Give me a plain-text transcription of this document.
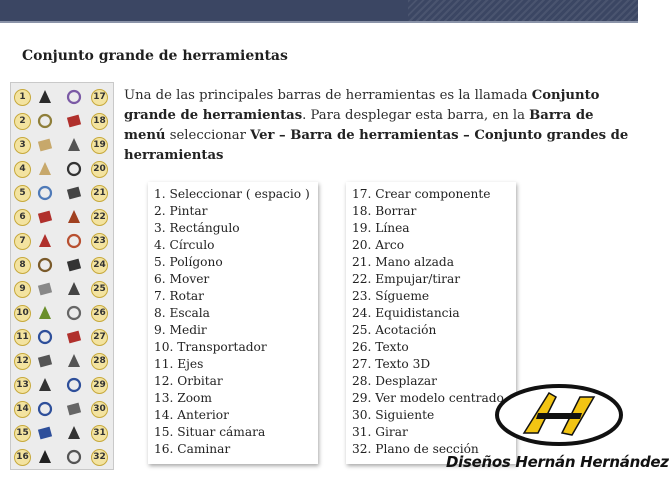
Conjunto grande de herramientas
Una de las principales barras de herramientas es la llamada Conjunto grande de herramientas. Para desplegar esta barra, en la Barra de menú seleccionar Ver – Barra de herramientas – Conjunto grandes de herramientas
1	17
2	18
3	19
4	20
5	21
6	22
7	23
8	24
9	25
10	26
11	27
12	28
13	29
14	30
15	31
16	32
1. Seleccionar ( espacio )
2. Pintar
3. Rectángulo
4. Círculo
5. Polígono
6. Mover
7. Rotar
8. Escala
9. Medir
10. Transportador
11. Ejes
12. Orbitar
13. Zoom
14. Anterior
15. Situar cámara
16. Caminar
17. Crear componente
18. Borrar
19. Línea
20. Arco
21. Mano alzada
22. Empujar/tirar
23. Sígueme
24. Equidistancia
25. Acotación
26. Texto
27. Texto 3D
28. Desplazar
29. Ver modelo centrado
30. Siguiente
31. Girar
32. Plano de sección
Diseños Hernán Hernández
